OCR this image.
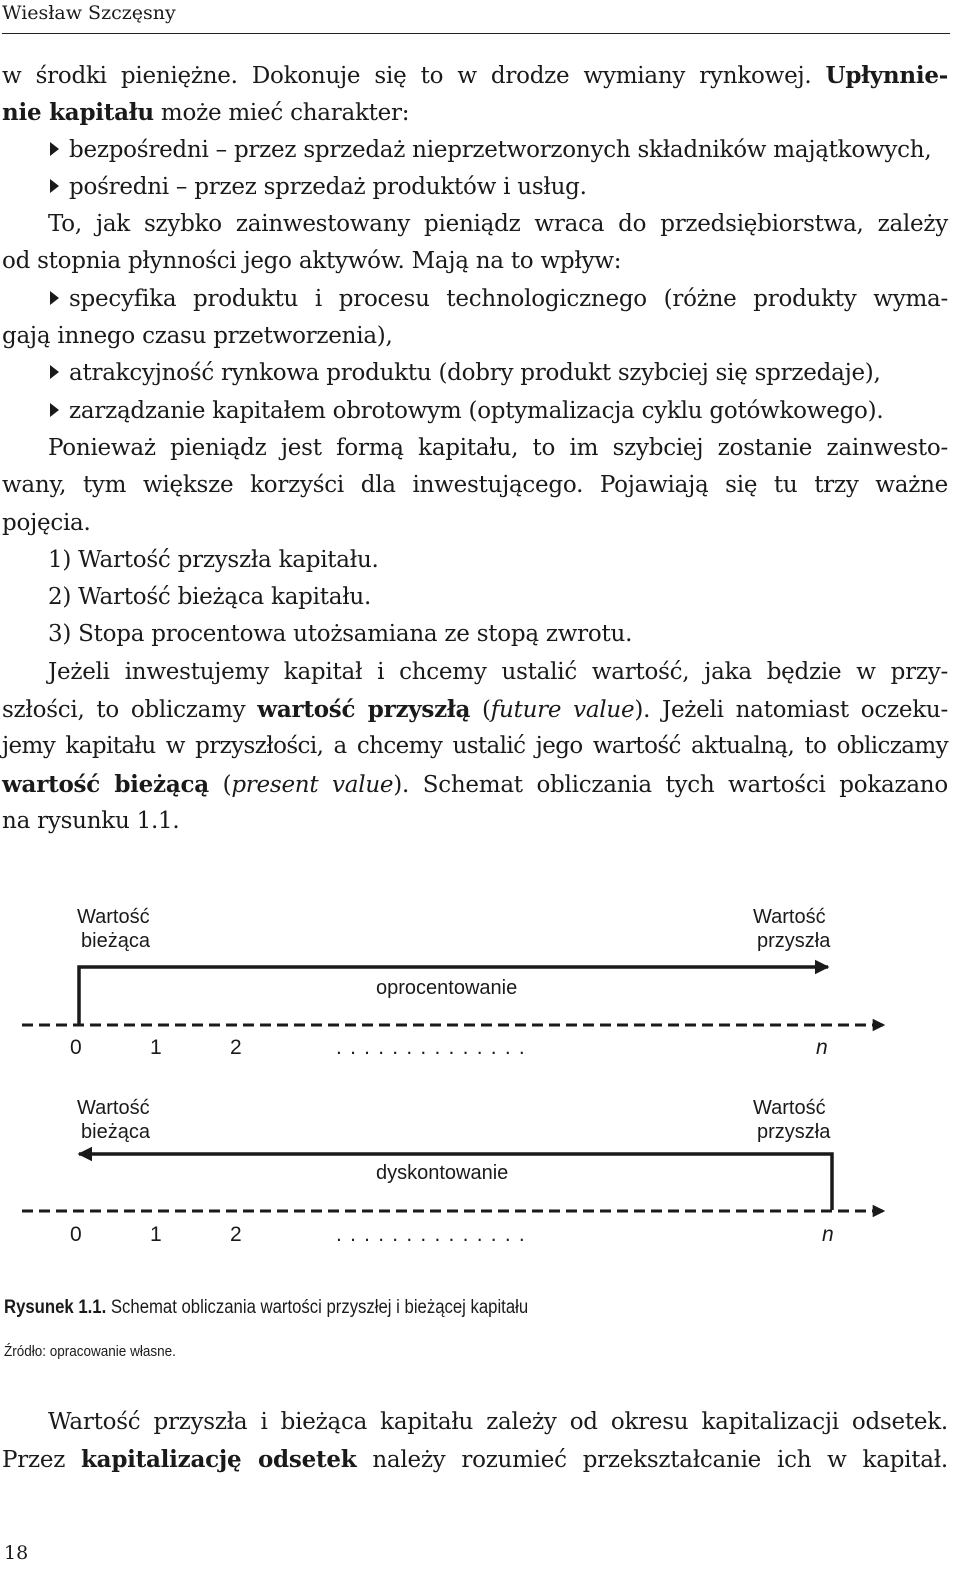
Wiesław Szczęsny
w środki pieniężne. Dokonuje się to w drodze wymiany rynkowej. Upłynnie-
nie kapitału może mieć charakter:
bezpośredni – przez sprzedaż nieprzetworzonych składników majątkowych,
pośredni – przez sprzedaż produktów i usług.
To, jak szybko zainwestowany pieniądz wraca do przedsiębiorstwa, zależy
od stopnia płynności jego aktywów. Mają na to wpływ:
specyfika produktu i procesu technologicznego (różne produkty wyma-
gają innego czasu przetworzenia),
atrakcyjność rynkowa produktu (dobry produkt szybciej się sprzedaje),
zarządzanie kapitałem obrotowym (optymalizacja cyklu gotówkowego).
Ponieważ pieniądz jest formą kapitału, to im szybciej zostanie zainwesto-
wany, tym większe korzyści dla inwestującego. Pojawiają się tu trzy ważne
pojęcia.
1) Wartość przyszła kapitału.
2) Wartość bieżąca kapitału.
3) Stopa procentowa utożsamiana ze stopą zwrotu.
Jeżeli inwestujemy kapitał i chcemy ustalić wartość, jaka będzie w przy-
szłości, to obliczamy wartość przyszłą (future value). Jeżeli natomiast oczeku-
jemy kapitału w przyszłości, a chcemy ustalić jego wartość aktualną, to obliczamy
wartość bieżącą (present value). Schemat obliczania tych wartości pokazano
na rysunku 1.1.
Wartość
bieżąca
Wartość
przyszła
oprocentowanie
0	1	2	. . . . . . . . . . . . . .	n
Wartość
bieżąca
Wartość
przyszła
dyskontowanie
0	1	2	. . . . . . . . . . . . . .	n
Rysunek 1.1. Schemat obliczania wartości przyszłej i bieżącej kapitału
Źródło: opracowanie własne.
Wartość przyszła i bieżąca kapitału zależy od okresu kapitalizacji odsetek.
Przez kapitalizację odsetek należy rozumieć przekształcanie ich w kapitał.
18
